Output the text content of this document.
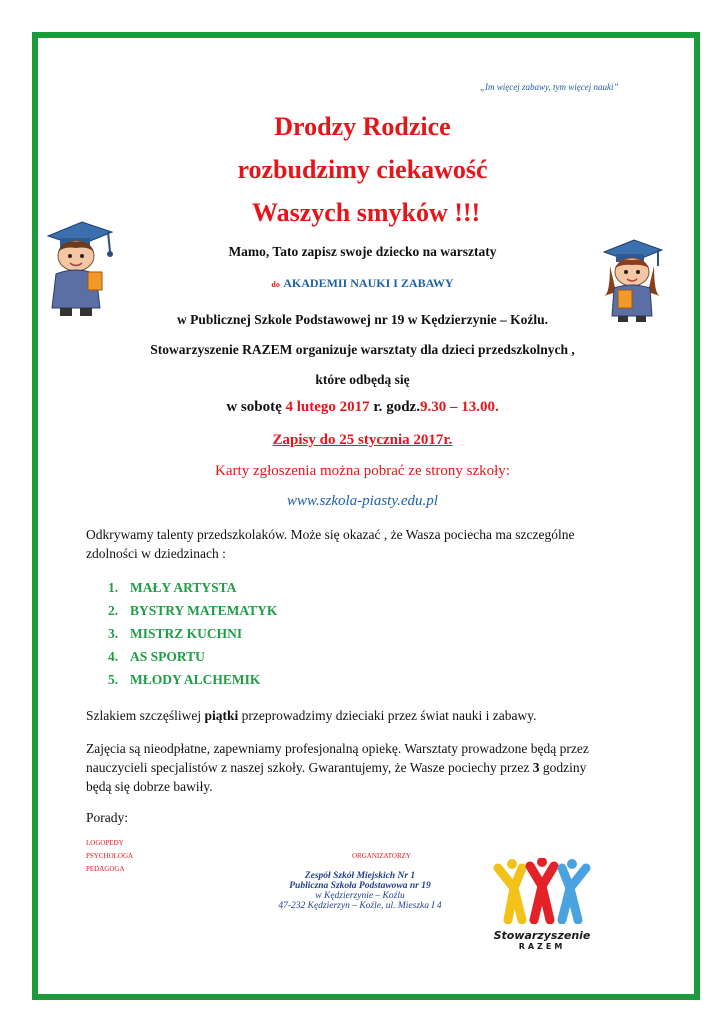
„Im więcej zabawy, tym więcej nauki”
Drodzy Rodzice
rozbudzimy ciekawość
Waszych smyków !!!
Mamo, Tato zapisz swoje dziecko na warsztaty
do AKADEMII NAUKI I ZABAWY
w Publicznej Szkole Podstawowej nr 19 w Kędzierzynie – Koźlu.
Stowarzyszenie RAZEM organizuje warsztaty dla dzieci przedszkolnych ,
które odbędą się
w sobotę 4 lutego 2017 r. godz.9.30 – 13.00.
Zapisy do 25 stycznia 2017r.
Karty zgłoszenia można pobrać ze strony szkoły:
www.szkola-piasty.edu.pl
Odkrywamy talenty przedszkolaków. Może się okazać , że Wasza pociecha ma szczególne
zdolności w dziedzinach :
1. MAŁY ARTYSTA
2. BYSTRY MATEMATYK
3. MISTRZ KUCHNI
4. AS SPORTU
5. MŁODY ALCHEMIK
Szlakiem szczęśliwej piątki przeprowadzimy dzieciaki przez świat nauki i zabawy.
Zajęcia są nieodpłatne, zapewniamy profesjonalną opiekę. Warsztaty prowadzone będą przez
nauczycieli specjalistów z naszej szkoły. Gwarantujemy, że Wasze pociechy przez 3 godziny
będą się dobrze bawiły.
Porady:
LOGOPEDY
PSYCHOLOGA
PEDAGOGA
ORGANIZATORZY
Zespół Szkół Miejskich Nr 1
Publiczna Szkoła Podstawowa nr 19
w Kędzierzynie – Koźlu
47-232 Kędzierzyn – Koźle, ul. Mieszka I 4
Stowarzyszenie
RAZEM
